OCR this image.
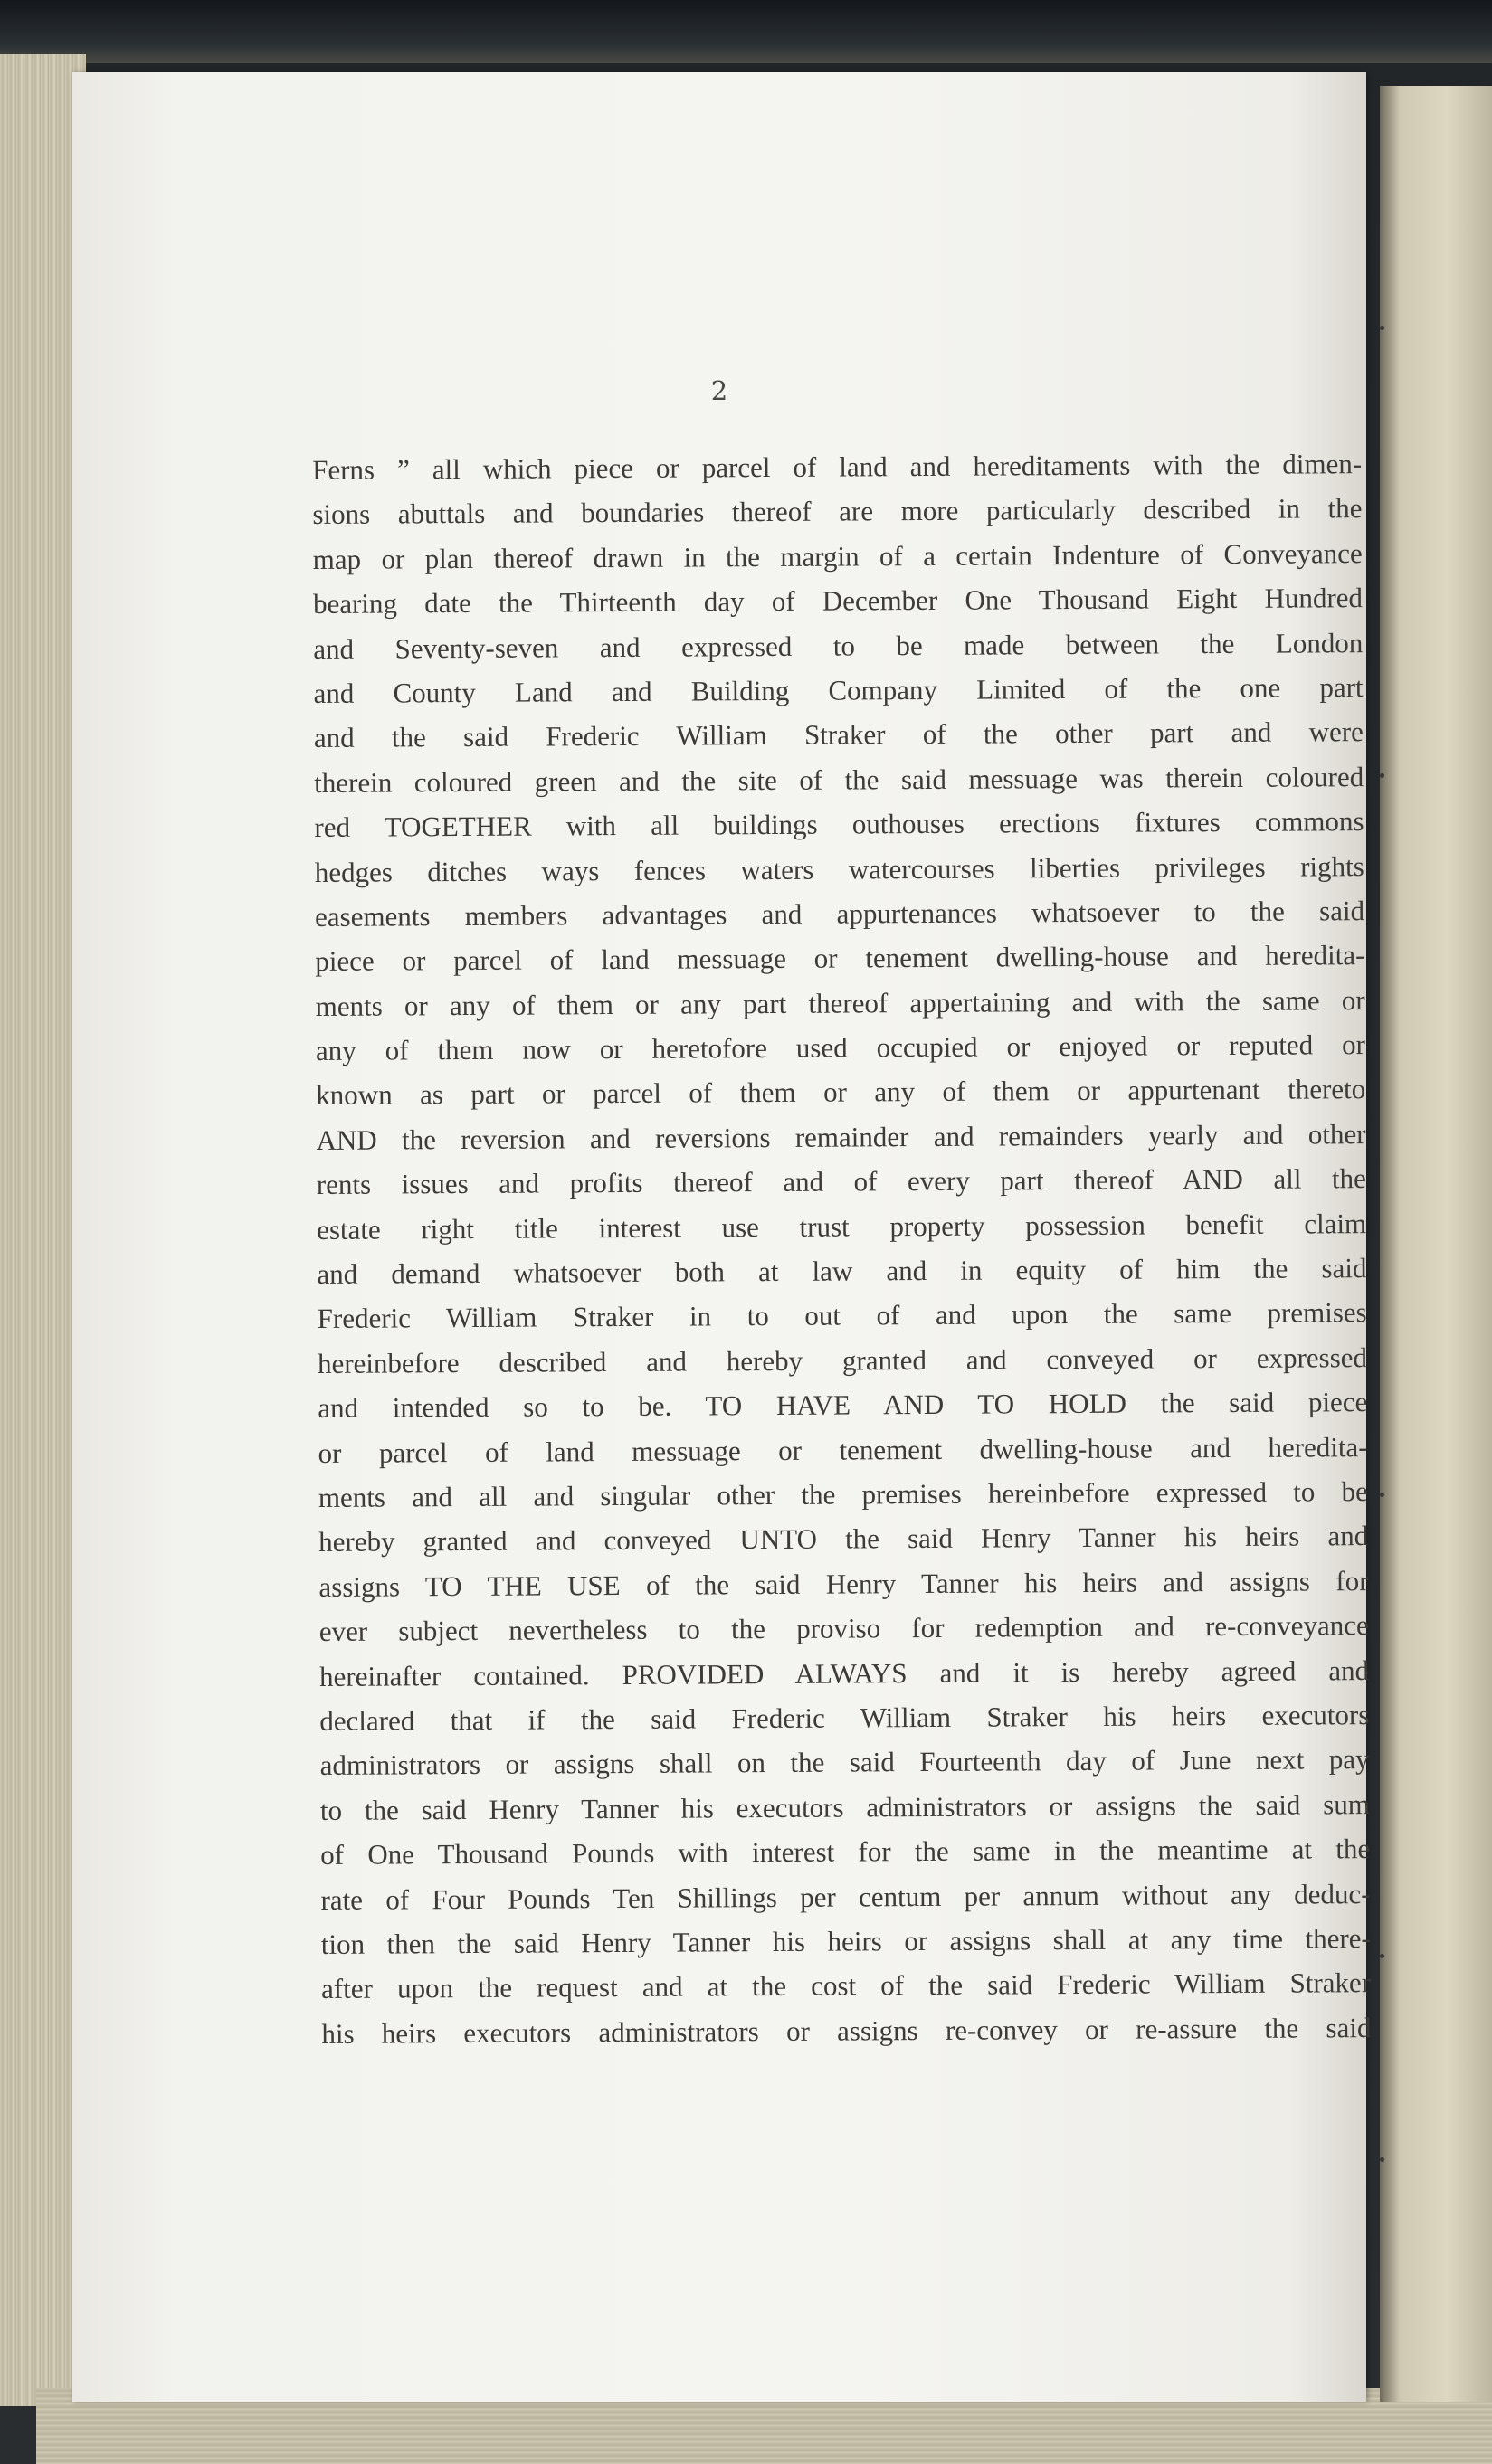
2

Ferns ” all which piece or parcel of land and hereditaments with the dimen-
sions abuttals and boundaries thereof are more particularly described in the
map or plan thereof drawn in the margin of a certain Indenture of Conveyance
bearing date the Thirteenth day of December One Thousand Eight Hundred
and Seventy-seven and expressed to be made between the London
and County Land and Building Company Limited of the one part
and the said Frederic William Straker of the other part and were
therein coloured green and the site of the said messuage was therein coloured
red TOGETHER with all buildings outhouses erections fixtures commons
hedges ditches ways fences waters watercourses liberties privileges rights
easements members advantages and appurtenances whatsoever to the said
piece or parcel of land messuage or tenement dwelling-house and heredita-
ments or any of them or any part thereof appertaining and with the same or
any of them now or heretofore used occupied or enjoyed or reputed or
known as part or parcel of them or any of them or appurtenant thereto
AND the reversion and reversions remainder and remainders yearly and other
rents issues and profits thereof and of every part thereof AND all the
estate right title interest use trust property possession benefit claim
and demand whatsoever both at law and in equity of him the said
Frederic William Straker in to out of and upon the same premises
hereinbefore described and hereby granted and conveyed or expressed
and intended so to be. TO HAVE AND TO HOLD the said piece
or parcel of land messuage or tenement dwelling-house and heredita-
ments and all and singular other the premises hereinbefore expressed to be
hereby granted and conveyed UNTO the said Henry Tanner his heirs and
assigns TO THE USE of the said Henry Tanner his heirs and assigns for
ever subject nevertheless to the proviso for redemption and re-conveyance
hereinafter contained. PROVIDED ALWAYS and it is hereby agreed and
declared that if the said Frederic William Straker his heirs executors
administrators or assigns shall on the said Fourteenth day of June next pay
to the said Henry Tanner his executors administrators or assigns the said sum
of One Thousand Pounds with interest for the same in the meantime at the
rate of Four Pounds Ten Shillings per centum per annum without any deduc-
tion then the said Henry Tanner his heirs or assigns shall at any time there-
after upon the request and at the cost of the said Frederic William Straker
his heirs executors administrators or assigns re-convey or re-assure the said
